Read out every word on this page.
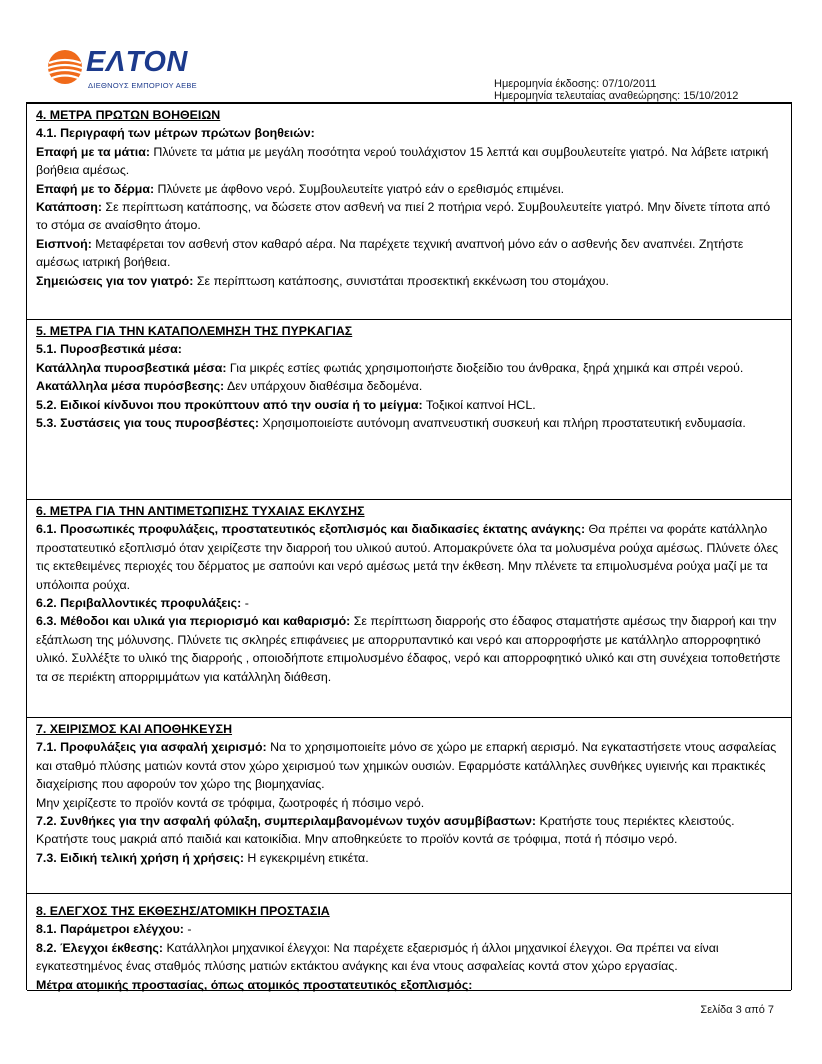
EΛTON
ΔΙΕΘΝΟΥΣ ΕΜΠΟΡΙΟΥ ΑΕΒΕ	Ημερομηνία έκδοσης: 07/10/2011
Ημερομηνία τελευταίας αναθεώρησης: 15/10/2012

4. ΜΕΤΡΑ ΠΡΩΤΩΝ ΒΟΗΘΕΙΩΝ

4.1. Περιγραφή των μέτρων πρώτων βοηθειών:

Επαφή με τα μάτια: Πλύνετε τα μάτια με μεγάλη ποσότητα νερού τουλάχιστον 15 λεπτά και συμβουλευτείτε γιατρό. Να λάβετε ιατρική βοήθεια αμέσως.

Επαφή με το δέρμα: Πλύνετε με άφθονο νερό. Συμβουλευτείτε γιατρό εάν ο ερεθισμός επιμένει.

Κατάποση: Σε περίπτωση κατάποσης, να δώσετε στον ασθενή να πιεί 2 ποτήρια νερό. Συμβουλευτείτε γιατρό. Μην δίνετε τίποτα από το στόμα σε αναίσθητο άτομο.

Εισπνοή: Μεταφέρεται τον ασθενή στον καθαρό αέρα. Να παρέχετε τεχνική αναπνοή μόνο εάν ο ασθενής δεν αναπνέει. Ζητήστε αμέσως ιατρική βοήθεια.

Σημειώσεις για τον γιατρό: Σε περίπτωση κατάποσης, συνιστάται προσεκτική εκκένωση του στομάχου.

5. ΜΕΤΡΑ ΓΙΑ ΤΗΝ ΚΑΤΑΠΟΛΕΜΗΣΗ ΤΗΣ ΠΥΡΚΑΓΙΑΣ

5.1. Πυροσβεστικά μέσα:

Κατάλληλα πυροσβεστικά μέσα: Για μικρές εστίες φωτιάς χρησιμοποιήστε διοξείδιο του άνθρακα, ξηρά χημικά και σπρέι νερού.

Ακατάλληλα μέσα πυρόσβεσης: Δεν υπάρχουν διαθέσιμα δεδομένα.

5.2. Ειδικοί κίνδυνοι που προκύπτουν από την ουσία ή το μείγμα: Τοξικοί καπνοί HCL.

5.3. Συστάσεις για τους πυροσβέστες: Χρησιμοποιείστε αυτόνομη αναπνευστική συσκευή και πλήρη προστατευτική ενδυμασία.

6. ΜΕΤΡΑ ΓΙΑ ΤΗΝ ΑΝΤΙΜΕΤΩΠΙΣΗΣ ΤΥΧΑΙΑΣ ΕΚΛΥΣΗΣ

6.1. Προσωπικές προφυλάξεις, προστατευτικός εξοπλισμός και διαδικασίες έκτατης ανάγκης: Θα πρέπει να φοράτε κατάλληλο προστατευτικό εξοπλισμό όταν χειρίζεστε την διαρροή του υλικού αυτού. Απομακρύνετε όλα τα μολυσμένα ρούχα αμέσως. Πλύνετε όλες τις εκτεθειμένες περιοχές του δέρματος με σαπούνι και νερό αμέσως μετά την έκθεση. Μην πλένετε τα επιμολυσμένα ρούχα μαζί με τα υπόλοιπα ρούχα.

6.2. Περιβαλλοντικές προφυλάξεις: -

6.3. Μέθοδοι και υλικά για περιορισμό και καθαρισμό: Σε περίπτωση διαρροής στο έδαφος σταματήστε αμέσως την διαρροή και την εξάπλωση της μόλυνσης. Πλύνετε τις σκληρές επιφάνειες με απορρυπαντικό και νερό και απορροφήστε με κατάλληλο απορροφητικό υλικό. Συλλέξτε το υλικό της διαρροής , οποιοδήποτε επιμολυσμένο έδαφος, νερό και απορροφητικό υλικό και στη συνέχεια τοποθετήστε τα σε περιέκτη απορριμμάτων για κατάλληλη διάθεση.

7. ΧΕΙΡΙΣΜΟΣ ΚΑΙ ΑΠΟΘΗΚΕΥΣΗ

7.1. Προφυλάξεις για ασφαλή χειρισμό: Να το χρησιμοποιείτε μόνο σε χώρο με επαρκή αερισμό. Να εγκαταστήσετε ντους ασφαλείας και σταθμό πλύσης ματιών κοντά στον χώρο χειρισμού των χημικών ουσιών. Εφαρμόστε κατάλληλες συνθήκες υγιεινής και πρακτικές διαχείρισης που αφορούν τον χώρο της βιομηχανίας.

Μην χειρίζεστε το προϊόν κοντά σε τρόφιμα, ζωοτροφές ή πόσιμο νερό.

7.2. Συνθήκες για την ασφαλή φύλαξη, συμπεριλαμβανομένων τυχόν ασυμβίβαστων: Κρατήστε τους περιέκτες κλειστούς. Κρατήστε τους μακριά από παιδιά και κατοικίδια. Μην αποθηκεύετε το προϊόν κοντά σε τρόφιμα, ποτά ή πόσιμο νερό.

7.3. Ειδική τελική χρήση ή χρήσεις: Η εγκεκριμένη ετικέτα.

8. ΕΛΕΓΧΟΣ ΤΗΣ ΕΚΘΕΣΗΣ/ΑΤΟΜΙΚΗ ΠΡΟΣΤΑΣΙΑ

8.1. Παράμετροι ελέγχου: -

8.2. Έλεγχοι έκθεσης: Κατάλληλοι μηχανικοί έλεγχοι: Να παρέχετε εξαερισμός ή άλλοι μηχανικοί έλεγχοι. Θα πρέπει να είναι εγκατεστημένος ένας σταθμός πλύσης ματιών εκτάκτου ανάγκης και ένα ντους ασφαλείας κοντά στον χώρο εργασίας.

Μέτρα ατομικής προστασίας, όπως ατομικός προστατευτικός εξοπλισμός:

Σελίδα 3 από 7
